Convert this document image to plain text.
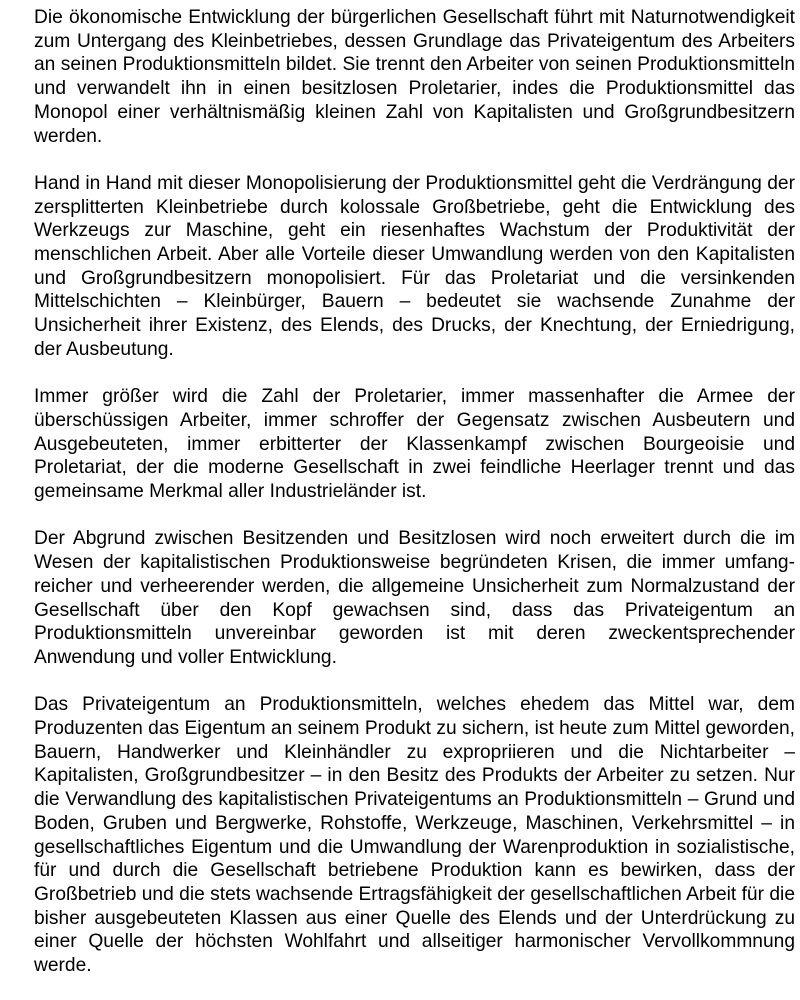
Die ökonomische Entwicklung der bürgerlichen Gesellschaft führt mit Naturnotwendigkeit zum Untergang des Kleinbetriebes, dessen Grundlage das Privateigentum des Arbeiters an seinen Produktionsmitteln bildet. Sie trennt den Arbeiter von seinen Produktionsmitteln und verwandelt ihn in einen besitzlosen Proletarier, indes die Produktionsmittel das Monopol einer verhältnismäßig kleinen Zahl von Kapitalisten und Großgrundbesitzern werden.

Hand in Hand mit dieser Monopolisierung der Produktionsmittel geht die Verdrängung der zersplitterten Kleinbetriebe durch kolossale Großbetriebe, geht die Entwicklung des Werkzeugs zur Maschine, geht ein riesenhaftes Wachstum der Produktivität der menschlichen Arbeit. Aber alle Vorteile dieser Umwandlung werden von den Kapitalisten und Großgrundbesitzern monopolisiert. Für das Proletariat und die versinkenden Mittelschichten – Kleinbürger, Bauern – bedeutet sie wachsende Zunahme der Unsicherheit ihrer Existenz, des Elends, des Drucks, der Knechtung, der Erniedrigung, der Ausbeutung.

Immer größer wird die Zahl der Proletarier, immer massenhafter die Armee der überschüssigen Arbeiter, immer schroffer der Gegensatz zwischen Ausbeutern und Ausgebeuteten, immer erbitterter der Klassenkampf zwischen Bourgeoisie und Proletariat, der die moderne Gesellschaft in zwei feindliche Heerlager trennt und das gemeinsame Merkmal aller Industrieländer ist.

Der Abgrund zwischen Besitzenden und Besitzlosen wird noch erweitert durch die im Wesen der kapitalistischen Produktionsweise begründeten Krisen, die immer umfangreicher und verheerender werden, die allgemeine Unsicherheit zum Normalzustand der Gesellschaft über den Kopf gewachsen sind, dass das Privateigentum an Produktionsmitteln unvereinbar geworden ist mit deren zweckentsprechender Anwendung und voller Entwicklung.

Das Privateigentum an Produktionsmitteln, welches ehedem das Mittel war, dem Produzenten das Eigentum an seinem Produkt zu sichern, ist heute zum Mittel geworden, Bauern, Handwerker und Kleinhändler zu expropriieren und die Nichtarbeiter – Kapitalisten, Großgrundbesitzer – in den Besitz des Produkts der Arbeiter zu setzen. Nur die Verwandlung des kapitalistischen Privateigentums an Produktionsmitteln – Grund und Boden, Gruben und Bergwerke, Rohstoffe, Werkzeuge, Maschinen, Verkehrsmittel – in gesellschaftliches Eigentum und die Umwandlung der Warenproduktion in sozialistische, für und durch die Gesellschaft betriebene Produktion kann es bewirken, dass der Großbetrieb und die stets wachsende Ertragsfähigkeit der gesellschaftlichen Arbeit für die bisher ausgebeuteten Klassen aus einer Quelle des Elends und der Unterdrückung zu einer Quelle der höchsten Wohlfahrt und allseitiger harmonischer Vervollkommnung werde.
